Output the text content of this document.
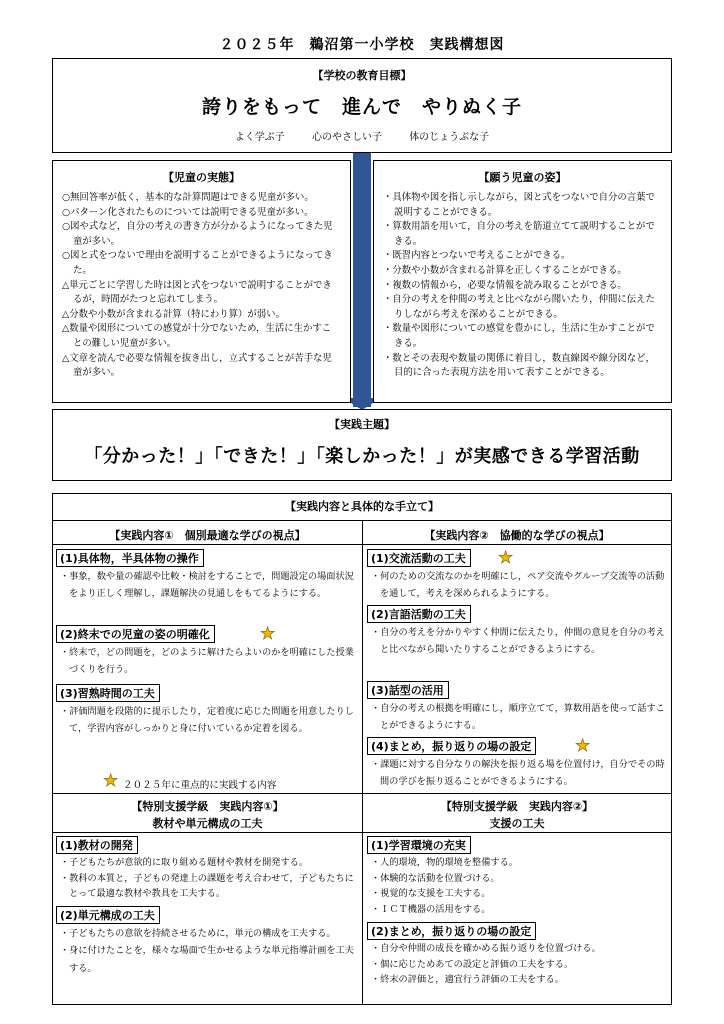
２０２５年　鵜沼第一小学校　実践構想図
【学校の教育目標】
誇りをもって　進んで　やりぬく子
よく学ぶ子	心のやさしい子	体のじょうぶな子
【児童の実態】
○無回答率が低く，基本的な計算問題はできる児童が多い。
○パターン化されたものについては説明できる児童が多い。
○図や式など，自分の考えの書き方が分かるようになってきた児童が多い。
○図と式をつないで理由を説明することができるようになってきた。
△単元ごとに学習した時は図と式をつないで説明することができるが，時間がたつと忘れてしまう。
△分数や小数が含まれる計算（特にわり算）が弱い。
△数量や図形についての感覚が十分でないため，生活に生かすことの難しい児童が多い。
△文章を読んで必要な情報を抜き出し，立式することが苦手な児童が多い。
【願う児童の姿】
・具体物や図を指し示しながら，図と式をつないで自分の言葉で説明することができる。
・算数用語を用いて，自分の考えを筋道立てて説明することができる。
・既習内容とつないで考えることができる。
・分数や小数が含まれる計算を正しくすることができる。
・複数の情報から，必要な情報を読み取ることができる。
・自分の考えを仲間の考えと比べながら聞いたり，仲間に伝えたりしながら考えを深めることができる。
・数量や図形についての感覚を豊かにし，生活に生かすことができる。
・数とその表現や数量の関係に着目し，数直線図や線分図など，目的に合った表現方法を用いて表すことができる。
【実践主題】
「分かった！」「できた！」「楽しかった！」が実感できる学習活動
【実践内容と具体的な手立て】
【実践内容①　個別最適な学びの視点】
(1)具体物，半具体物の操作
・事象，数や量の確認や比較・検討をすることで，問題設定の場面状況をより正しく理解し，課題解決の見通しをもてるようにする。
(2)終末での児童の姿の明確化	★
・終末で，どの問題を，どのように解けたらよいのかを明確にした授業づくりを行う。
(3)習熟時間の工夫
・評価問題を段階的に提示したり，定着度に応じた問題を用意したりして，学習内容がしっかりと身に付いているか定着を図る。
★ ２０２５年に重点的に実践する内容
【実践内容②　協働的な学びの視点】
(1)交流活動の工夫 ★
・何のための交流なのかを明確にし，ペア交流やグループ交流等の活動を通して，考えを深められるようにする。
(2)言語活動の工夫
・自分の考えを分かりやすく仲間に伝えたり，仲間の意見を自分の考えと比べながら聞いたりすることができるようにする。
(3)話型の活用
・自分の考えの根拠を明確にし，順序立てて，算数用語を使って話すことができるようにする。
(4)まとめ，振り返りの場の設定	★
・課題に対する自分なりの解決を振り返る場を位置付け，自分でその時間の学びを振り返ることができるようにする。
【特別支援学級　実践内容①】
教材や単元構成の工夫
(1)教材の開発
・子どもたちが意欲的に取り組める題材や教材を開発する。
・教科の本質と，子どもの発達上の課題を考え合わせて，子どもたちにとって最適な教材や教具を工夫する。
(2)単元構成の工夫
・子どもたちの意欲を持続させるために，単元の構成を工夫する。
・身に付けたことを，様々な場面で生かせるような単元指導計画を工夫する。
【特別支援学級　実践内容②】
支援の工夫
(1)学習環境の充実
・人的環境，物的環境を整備する。
・体験的な活動を位置づける。
・視覚的な支援を工夫する。
・ＩＣＴ機器の活用をする。
(2)まとめ，振り返りの場の設定
・自分や仲間の成長を確かめる振り返りを位置づける。
・個に応じためあての設定と評価の工夫をする。
・終末の評価と，適宜行う評価の工夫をする。
